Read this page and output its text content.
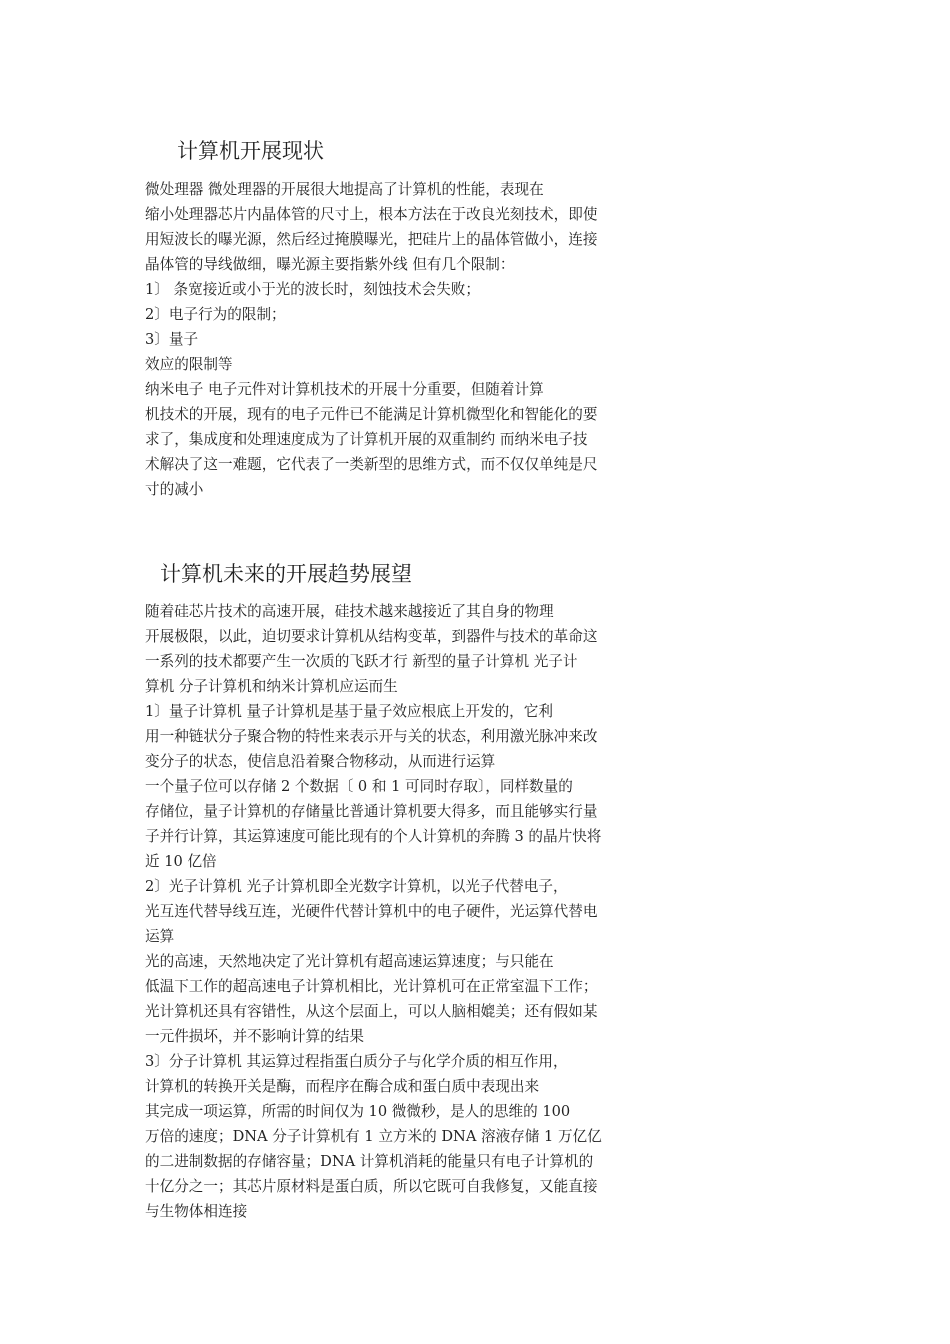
计算机开展现状
微处理器 微处理器的开展很大地提高了计算机的性能，表现在
缩小处理器芯片内晶体管的尺寸上，根本方法在于改良光刻技术，即使
用短波长的曝光源，然后经过掩膜曝光，把硅片上的晶体管做小，连接
晶体管的导线做细，曝光源主要指紫外线 但有几个限制：
1〕 条宽接近或小于光的波长时，刻蚀技术会失败；
2〕电子行为的限制；
3〕量子
效应的限制等
纳米电子 电子元件对计算机技术的开展十分重要，但随着计算
机技术的开展，现有的电子元件已不能满足计算机微型化和智能化的要
求了，集成度和处理速度成为了计算机开展的双重制约 而纳米电子技
术解决了这一难题，它代表了一类新型的思维方式，而不仅仅单纯是尺
寸的减小
计算机未来的开展趋势展望
随着硅芯片技术的高速开展，硅技术越来越接近了其自身的物理
开展极限，以此，迫切要求计算机从结构变革，到器件与技术的革命这
一系列的技术都要产生一次质的飞跃才行 新型的量子计算机 光子计
算机 分子计算机和纳米计算机应运而生
1〕量子计算机 量子计算机是基于量子效应根底上开发的，它利
用一种链状分子聚合物的特性来表示开与关的状态，利用激光脉冲来改
变分子的状态，使信息沿着聚合物移动，从而进行运算
一个量子位可以存储 2 个数据〔 0 和 1 可同时存取〕，同样数量的
存储位，量子计算机的存储量比普通计算机要大得多，而且能够实行量
子并行计算，其运算速度可能比现有的个人计算机的奔腾 3 的晶片快将
近 10 亿倍
2〕光子计算机 光子计算机即全光数字计算机，以光子代替电子，
光互连代替导线互连，光硬件代替计算机中的电子硬件，光运算代替电
运算
光的高速，天然地决定了光计算机有超高速运算速度；与只能在
低温下工作的超高速电子计算机相比，光计算机可在正常室温下工作；
光计算机还具有容错性，从这个层面上，可以人脑相媲美；还有假如某
一元件损坏，并不影响计算的结果
3〕分子计算机 其运算过程指蛋白质分子与化学介质的相互作用，
计算机的转换开关是酶，而程序在酶合成和蛋白质中表现出来
其完成一项运算，所需的时间仅为 10 微微秒，是人的思维的 100
万倍的速度；DNA 分子计算机有 1 立方米的 DNA 溶液存储 1 万亿亿
的二进制数据的存储容量；DNA 计算机消耗的能量只有电子计算机的
十亿分之一；其芯片原材料是蛋白质，所以它既可自我修复，又能直接
与生物体相连接
